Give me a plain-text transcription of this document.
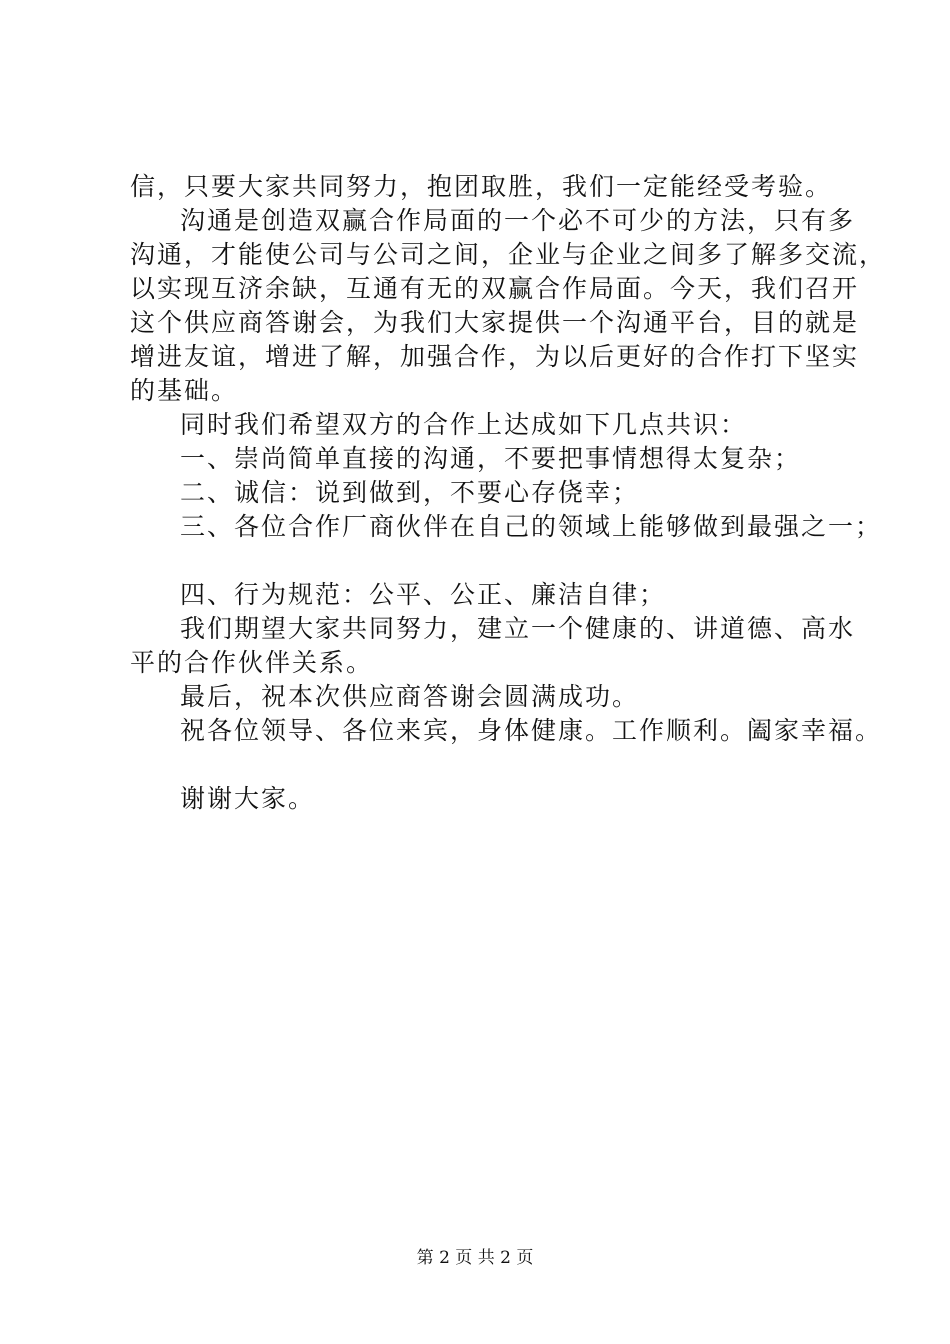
信，只要大家共同努力，抱团取胜，我们一定能经受考验。
沟通是创造双赢合作局面的一个必不可少的方法，只有多
沟通，才能使公司与公司之间，企业与企业之间多了解多交流，
以实现互济余缺，互通有无的双赢合作局面。今天，我们召开
这个供应商答谢会，为我们大家提供一个沟通平台，目的就是
增进友谊，增进了解，加强合作，为以后更好的合作打下坚实
的基础。
同时我们希望双方的合作上达成如下几点共识：
一、崇尚简单直接的沟通，不要把事情想得太复杂；
二、诚信：说到做到，不要心存侥幸；
三、各位合作厂商伙伴在自己的领域上能够做到最强之一；
四、行为规范：公平、公正、廉洁自律；
我们期望大家共同努力，建立一个健康的、讲道德、高水
平的合作伙伴关系。
最后，祝本次供应商答谢会圆满成功。
祝各位领导、各位来宾，身体健康。工作顺利。阖家幸福。
谢谢大家。
第 2 页 共 2 页
